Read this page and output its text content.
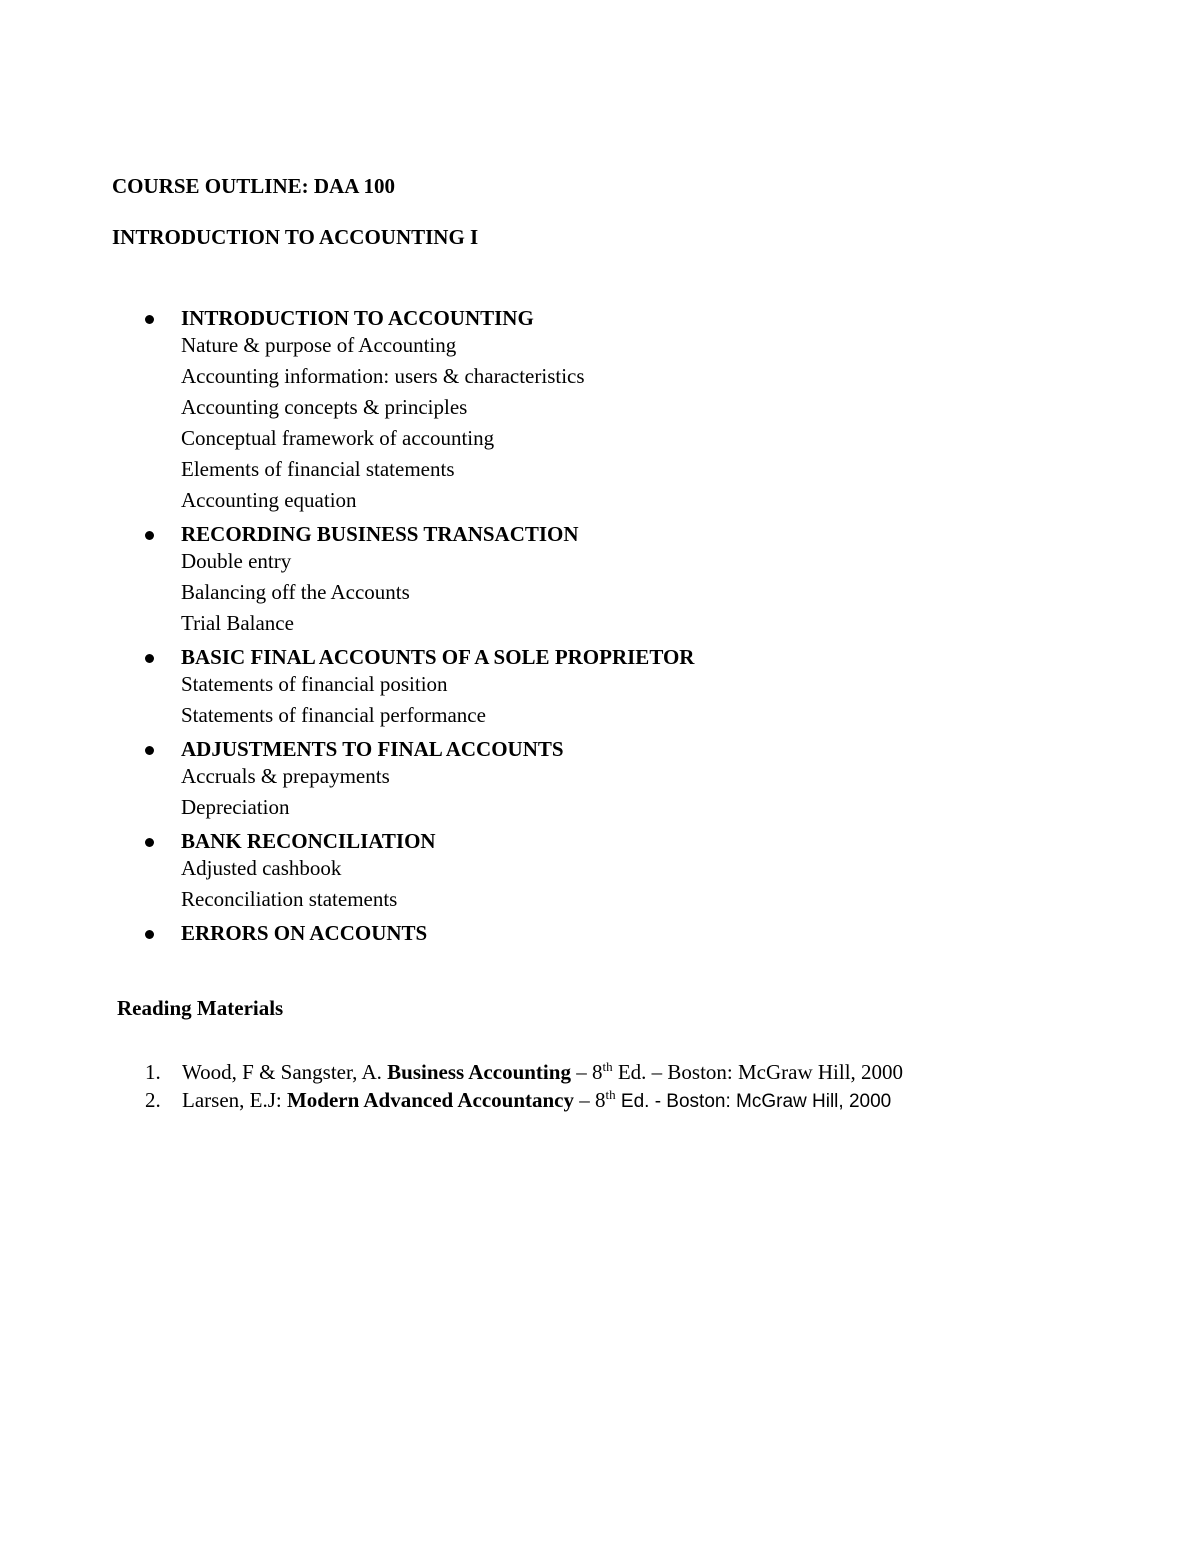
COURSE OUTLINE: DAA 100
INTRODUCTION TO ACCOUNTING I
INTRODUCTION TO ACCOUNTING
Nature & purpose of Accounting
Accounting information: users & characteristics
Accounting concepts & principles
Conceptual framework of accounting
Elements of financial statements
Accounting equation
RECORDING BUSINESS TRANSACTION
Double entry
Balancing off the Accounts
Trial Balance
BASIC FINAL ACCOUNTS OF A SOLE PROPRIETOR
Statements of financial position
Statements of financial performance
ADJUSTMENTS TO FINAL ACCOUNTS
Accruals & prepayments
Depreciation
BANK RECONCILIATION
Adjusted cashbook
Reconciliation statements
ERRORS ON ACCOUNTS
Reading Materials
1. Wood, F & Sangster, A. Business Accounting – 8th Ed. – Boston: McGraw Hill, 2000
2. Larsen, E.J: Modern Advanced Accountancy – 8th Ed. - Boston: McGraw Hill, 2000
